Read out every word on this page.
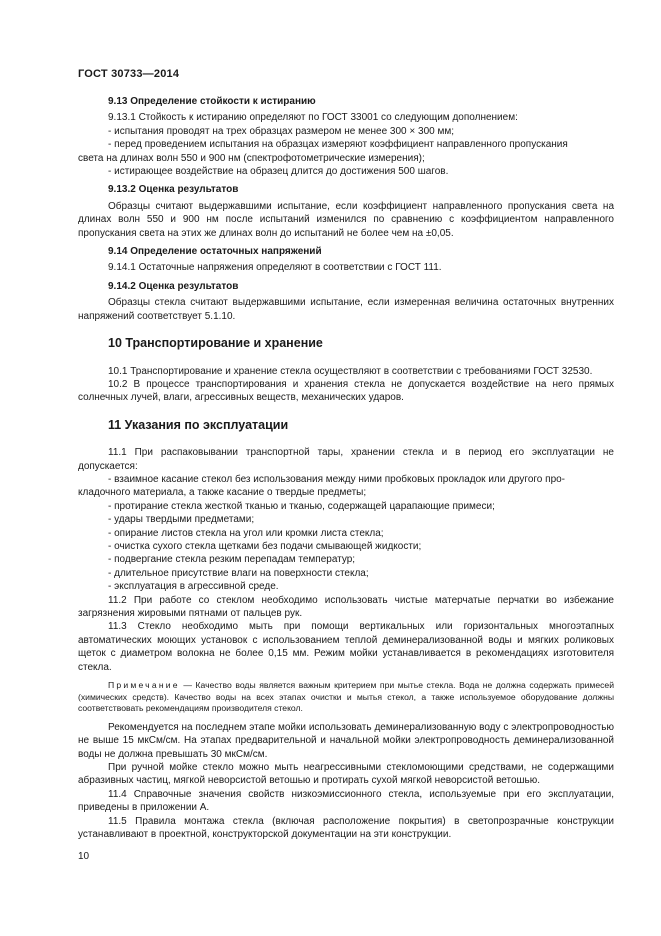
ГОСТ 30733—2014

9.13 Определение стойкости к истиранию

9.13.1 Стойкость к истиранию определяют по ГОСТ 33001 со следующим дополнением:

- испытания проводят на трех образцах размером не менее 300 × 300 мм;

- перед проведением испытания на образцах измеряют коэффициент направленного пропускания

света на длинах волн 550 и 900 нм (спектрофотометрические измерения);

- истирающее воздействие на образец длится до достижения 500 шагов.

9.13.2 Оценка результатов

Образцы считают выдержавшими испытание, если коэффициент направленного пропускания света на длинах волн 550 и 900 нм после испытаний изменился по сравнению с коэффициентом направленного пропускания света на этих же длинах волн до испытаний не более чем на ±0,05.

9.14 Определение остаточных напряжений

9.14.1 Остаточные напряжения определяют в соответствии с ГОСТ 111.

9.14.2 Оценка результатов

Образцы стекла считают выдержавшими испытание, если измеренная величина остаточных внутренних напряжений соответствует 5.1.10.

10 Транспортирование и хранение

10.1 Транспортирование и хранение стекла осуществляют в соответствии с требованиями ГОСТ 32530.

10.2 В процессе транспортирования и хранения стекла не допускается воздействие на него прямых солнечных лучей, влаги, агрессивных веществ, механических ударов.

11 Указания по эксплуатации

11.1 При распаковывании транспортной тары, хранении стекла и в период его эксплуатации не допускается:

- взаимное касание стекол без использования между ними пробковых прокладок или другого про-

кладочного материала, а также касание о твердые предметы;

- протирание стекла жесткой тканью и тканью, содержащей царапающие примеси;

- удары твердыми предметами;

- опирание листов стекла на угол или кромки листа стекла;

- очистка сухого стекла щетками без подачи смывающей жидкости;

- подвергание стекла резким перепадам температур;

- длительное присутствие влаги на поверхности стекла;

- эксплуатация в агрессивной среде.

11.2 При работе со стеклом необходимо использовать чистые матерчатые перчатки во избежание загрязнения жировыми пятнами от пальцев рук.

11.3 Стекло необходимо мыть при помощи вертикальных или горизонтальных многоэтапных автоматических моющих установок с использованием теплой деминерализованной воды и мягких роликовых щеток с диаметром волокна не более 0,15 мм. Режим мойки устанавливается в рекомендациях изготовителя стекла.

Примечание — Качество воды является важным критерием при мытье стекла. Вода не должна содержать примесей (химических средств). Качество воды на всех этапах очистки и мытья стекол, а также используемое оборудование должны соответствовать рекомендациям производителя стекол.

Рекомендуется на последнем этапе мойки использовать деминерализованную воду с электропроводностью не выше 15 мкСм/см. На этапах предварительной и начальной мойки электропроводность деминерализованной воды не должна превышать 30 мкСм/см.

При ручной мойке стекло можно мыть неагрессивными стекломоющими средствами, не содержащими абразивных частиц, мягкой неворсистой ветошью и протирать сухой мягкой неворсистой ветошью.

11.4 Справочные значения свойств низкоэмиссионного стекла, используемые при его эксплуатации, приведены в приложении А.

11.5 Правила монтажа стекла (включая расположение покрытия) в светопрозрачные конструкции устанавливают в проектной, конструкторской документации на эти конструкции.

10
